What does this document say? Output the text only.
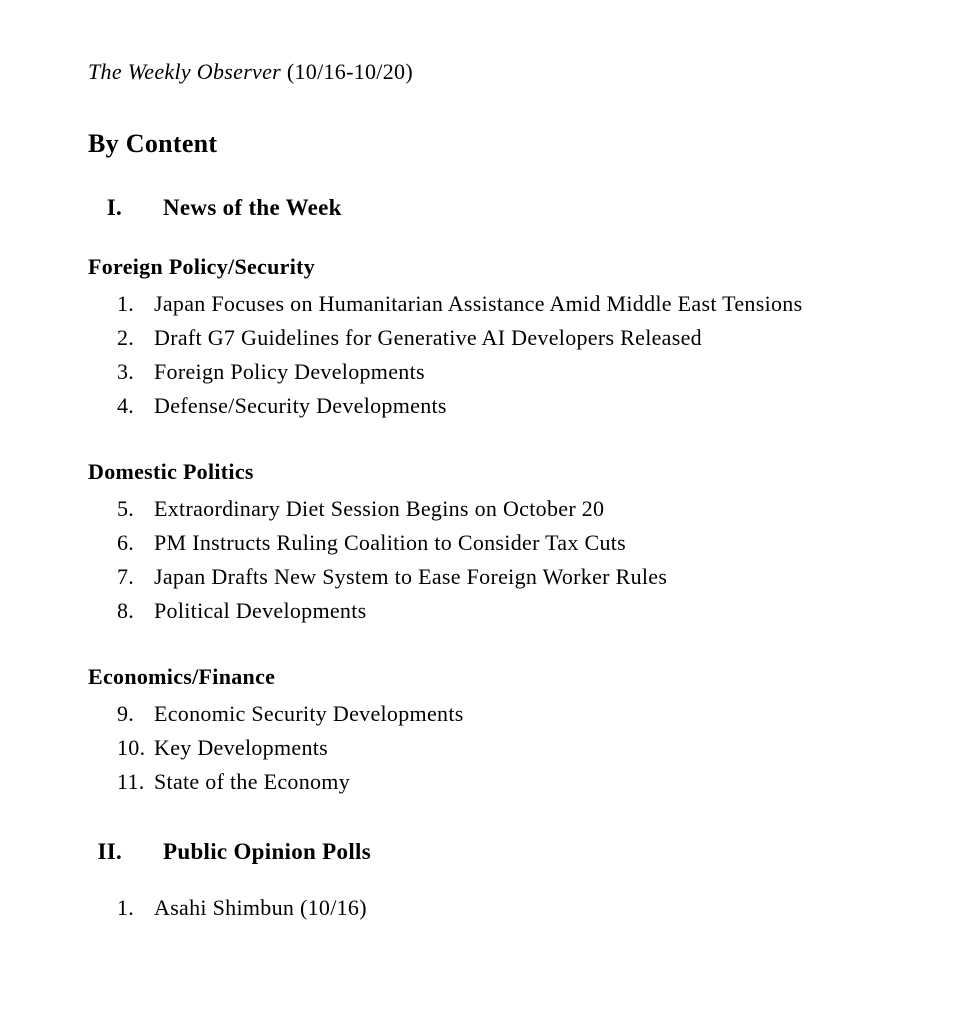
The Weekly Observer (10/16-10/20)

By Content
I.	News of the Week
Foreign Policy/Security
1. Japan Focuses on Humanitarian Assistance Amid Middle East Tensions
2. Draft G7 Guidelines for Generative AI Developers Released
3. Foreign Policy Developments
4. Defense/Security Developments
Domestic Politics
5. Extraordinary Diet Session Begins on October 20
6. PM Instructs Ruling Coalition to Consider Tax Cuts
7. Japan Drafts New System to Ease Foreign Worker Rules
8. Political Developments
Economics/Finance
9. Economic Security Developments
10. Key Developments
11. State of the Economy
II.	Public Opinion Polls
1. Asahi Shimbun (10/16)
